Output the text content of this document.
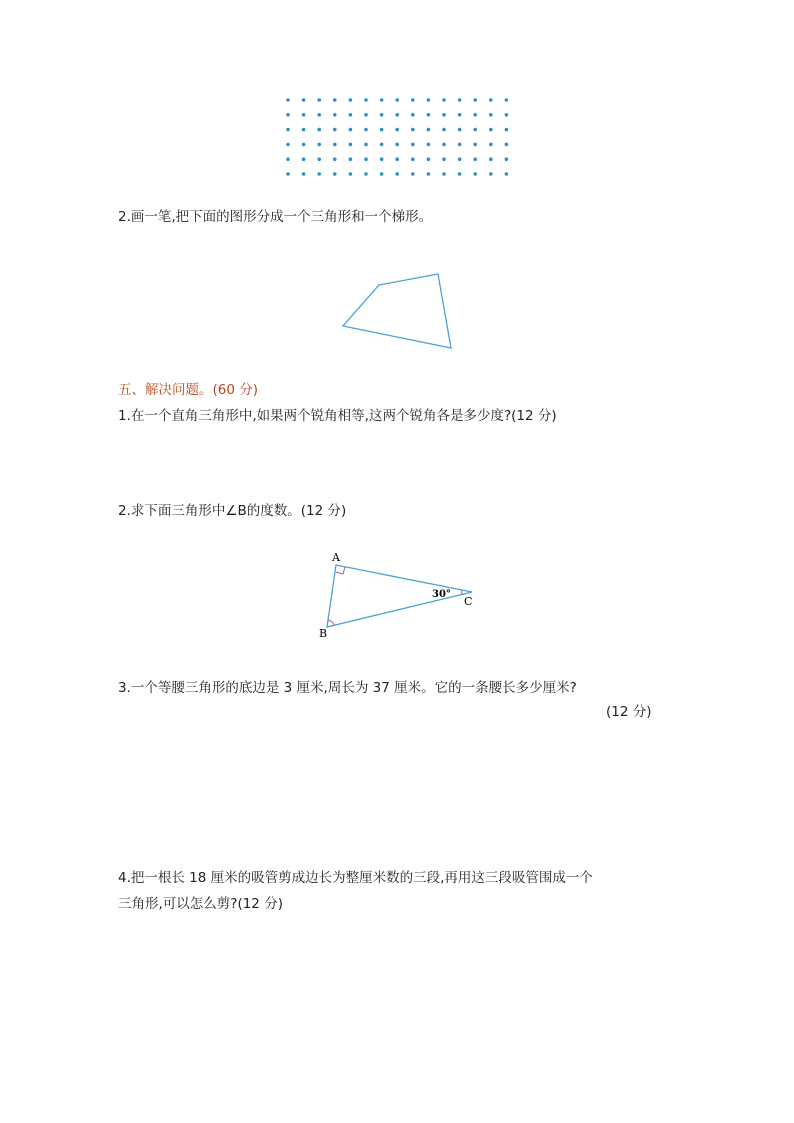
2.画一笔,把下面的图形分成一个三角形和一个梯形。
五、解决问题。(60 分)
1.在一个直角三角形中,如果两个锐角相等,这两个锐角各是多少度?(12 分)
2.求下面三角形中∠B的度数。(12 分)
A
B
C
30°
3.一个等腰三角形的底边是 3 厘米,周长为 37 厘米。它的一条腰长多少厘米?
(12 分)
4.把一根长 18 厘米的吸管剪成边长为整厘米数的三段,再用这三段吸管围成一个
三角形,可以怎么剪?(12 分)
